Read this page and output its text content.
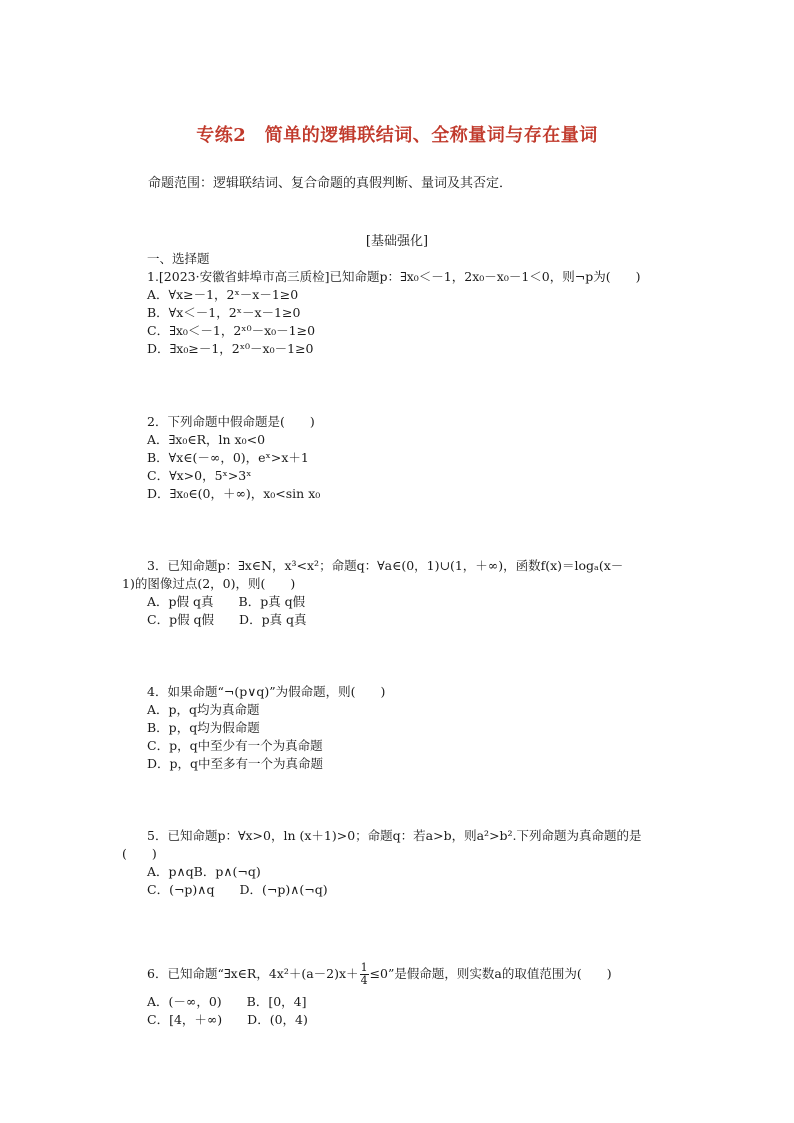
专练2　简单的逻辑联结词、全称量词与存在量词
命题范围：逻辑联结词、复合命题的真假判断、量词及其否定．
[基础强化]
一、选择题
1.[2023·安徽省蚌埠市高三质检]已知命题p：∃x₀＜－1，2x₀－x₀－1＜0，则¬p为(　　)
A．∀x≥－1，2ˣ－x－1≥0
B．∀x＜－1，2ˣ－x－1≥0
C．∃x₀＜－1，2ˣ⁰－x₀－1≥0
D．∃x₀≥－1，2ˣ⁰－x₀－1≥0
2．下列命题中假命题是(　　)
A．∃x₀∈R，ln x₀<0
B．∀x∈(－∞，0)，eˣ>x＋1
C．∀x>0，5ˣ>3ˣ
D．∃x₀∈(0，＋∞)，x₀<sin x₀
3．已知命题p：∃x∈N，x³<x²；命题q：∀a∈(0，1)∪(1，＋∞)，函数f(x)＝logₐ(x－
1)的图像过点(2，0)，则(　　)
A．p假 q真　　B．p真 q假
C．p假 q假　　D．p真 q真
4．如果命题“¬(p∨q)”为假命题，则(　　)
A．p，q均为真命题
B．p，q均为假命题
C．p，q中至少有一个为真命题
D．p，q中至多有一个为真命题
5．已知命题p：∀x>0，ln (x＋1)>0；命题q：若a>b，则a²>b².下列命题为真命题的是
(　　)
A．p∧qB．p∧(¬q)
C．(¬p)∧q　　D．(¬p)∧(¬q)
A．(－∞，0)　　B．[0，4]
C．[4，＋∞)　　D．(0，4)
6．已知命题“∃x∈R，$4x^2+(a-2)x+ \frac{1}{4} \le 0$”是假命题，则实数a的取值范围为(　　)
